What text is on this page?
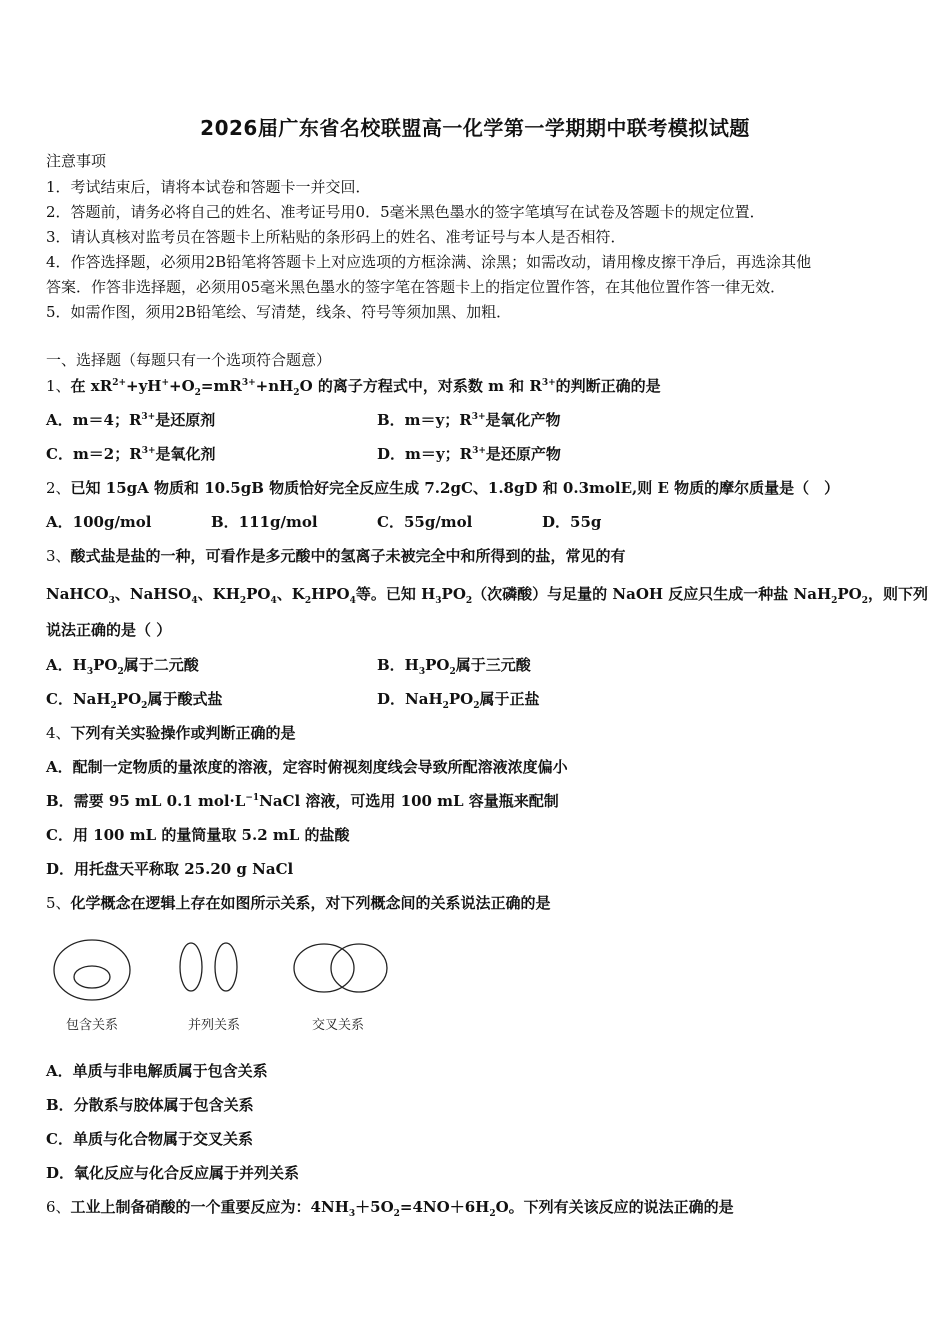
2026届广东省名校联盟高一化学第一学期期中联考模拟试题
注意事项
1．考试结束后，请将本试卷和答题卡一并交回．
2．答题前，请务必将自己的姓名、准考证号用0．5毫米黑色墨水的签字笔填写在试卷及答题卡的规定位置．
3．请认真核对监考员在答题卡上所粘贴的条形码上的姓名、准考证号与本人是否相符．
4．作答选择题，必须用2B铅笔将答题卡上对应选项的方框涂满、涂黑；如需改动，请用橡皮擦干净后，再选涂其他
答案．作答非选择题，必须用05毫米黑色墨水的签字笔在答题卡上的指定位置作答，在其他位置作答一律无效．
5．如需作图，须用2B铅笔绘、写清楚，线条、符号等须加黑、加粗．
一、选择题（每题只有一个选项符合题意）
1、在 $xR^{2+}+yH^++O_2=mR^{3+}+nH_2O$ 的离子方程式中，对系数 m 和 $R^{3+}$的判断正确的是
A．m＝4；$R^{3+}$是还原剂	B．m＝y；$R^{3+}$是氧化产物
C．m＝2；$R^{3+}$是氧化剂	D．m＝y；$R^{3+}$是还原产物
2、已知 15gA 物质和 10.5gB 物质恰好完全反应生成 7.2gC、1.8gD 和 0.3molE,则 E 物质的摩尔质量是（　）
A．100g/mol	B．111g/mol	C．55g/mol	D．55g
3、酸式盐是盐的一种，可看作是多元酸中的氢离子未被完全中和所得到的盐，常见的有
NaHCO$_3$、NaHSO$_4$、$KH_2PO_4$、$K_2HPO_4$等。已知 $H_3PO_2$（次磷酸）与足量的 NaOH 反应只生成一种盐 $NaH_2PO_2$，则下列
说法正确的是（ ）
A．$H_3PO_2$属于二元酸	B．$H_3PO_2$属于三元酸
C．$NaH_2PO_2$属于酸式盐	D．$NaH_2PO_2$属于正盐
4、下列有关实验操作或判断正确的是
A．配制一定物质的量浓度的溶液，定容时俯视刻度线会导致所配溶液浓度偏小
B．需要 95 mL 0.1 $mol\cdot L^{-1}NaCl$ 溶液，可选用 100 mL 容量瓶来配制
C．用 100 mL 的量筒量取 5.2 mL 的盐酸
D．用托盘天平称取 25.20 g NaCl
5、化学概念在逻辑上存在如图所示关系，对下列概念间的关系说法正确的是
包含关系	并列关系	交叉关系
A．单质与非电解质属于包含关系
B．分散系与胶体属于包含关系
C．单质与化合物属于交叉关系
D．氧化反应与化合反应属于并列关系
6、工业上制备硝酸的一个重要反应为：$4NH_3+5O_2=4NO+6H_2O$。下列有关该反应的说法正确的是
